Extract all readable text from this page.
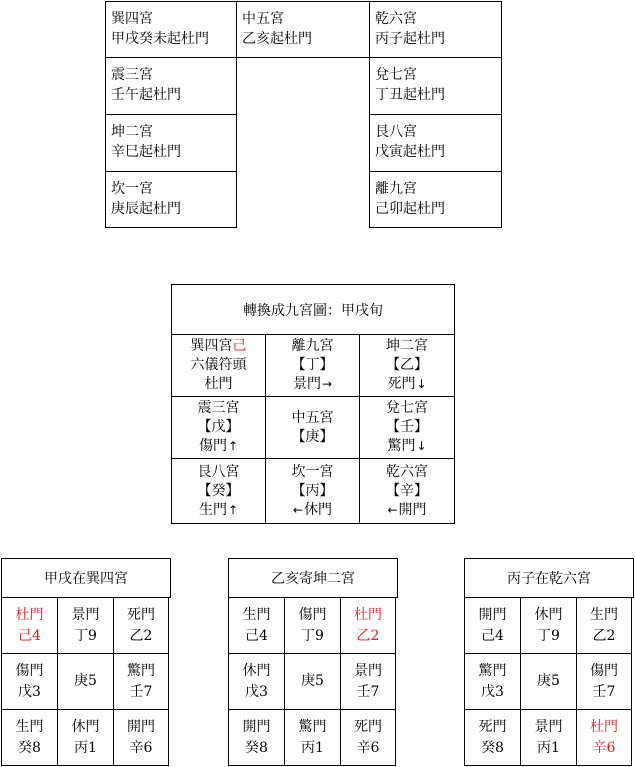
巽四宮
甲戌癸未起杜門
中五宮
乙亥起杜門
乾六宮
丙子起杜門
震三宮
壬午起杜門
兌七宮
丁丑起杜門
坤二宮
辛巳起杜門
艮八宮
戊寅起杜門
坎一宮
庚辰起杜門
離九宮
己卯起杜門
轉換成九宮圖：甲戌旬
巽四宮己
六儀符頭
杜門
離九宮
【丁】
景門→
坤二宮
【乙】
死門↓
震三宮
【戊】
傷門↑
中五宮
【庚】
兌七宮
【壬】
驚門↓
艮八宮
【癸】
生門↑
坎一宮
【丙】
←休門
乾六宮
【辛】
←開門
甲戌在巽四宮
杜門
己4
景門
丁9
死門
乙2
傷門
戊3
庚5
驚門
壬7
生門
癸8
休門
丙1
開門
辛6
乙亥寄坤二宮
生門
己4
傷門
丁9
杜門
乙2
休門
戊3
庚5
景門
壬7
開門
癸8
驚門
丙1
死門
辛6
丙子在乾六宮
開門
己4
休門
丁9
生門
乙2
驚門
戊3
庚5
傷門
壬7
死門
癸8
景門
丙1
杜門
辛6
